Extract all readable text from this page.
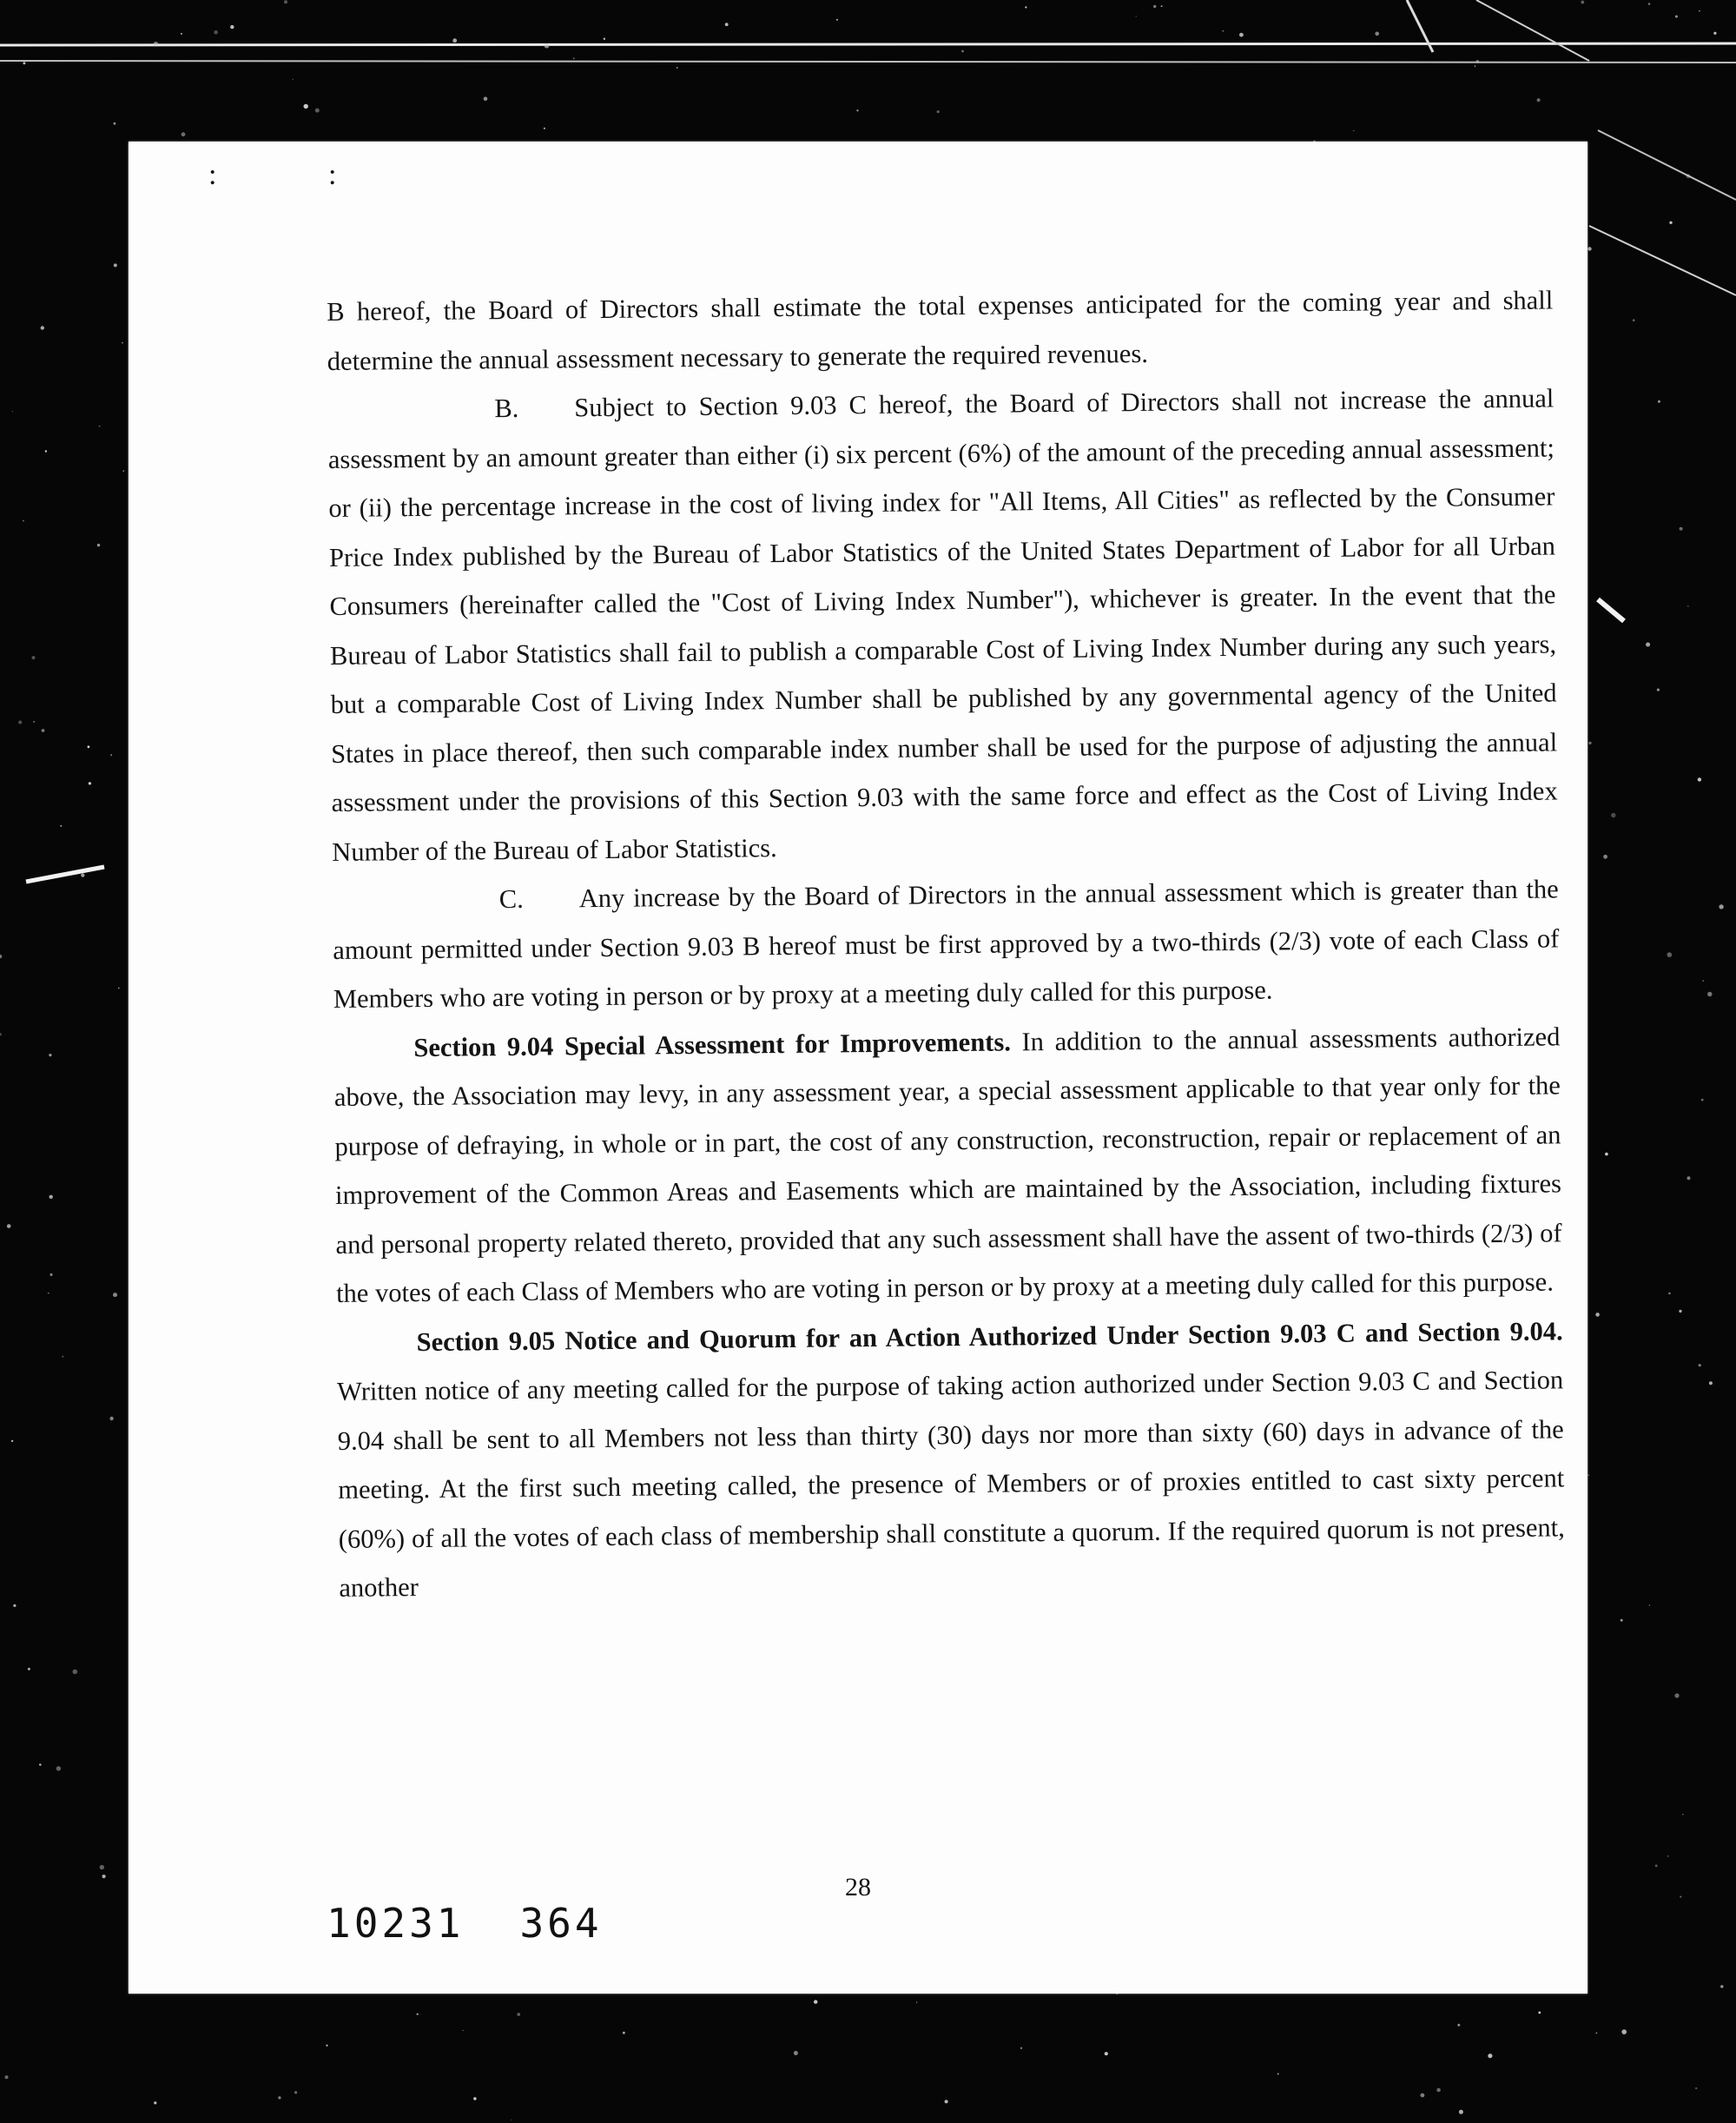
: :

B hereof, the Board of Directors shall estimate the total expenses anticipated for the coming year and shall determine the annual assessment necessary to generate the required revenues.

B. Subject to Section 9.03 C hereof, the Board of Directors shall not increase the annual assessment by an amount greater than either (i) six percent (6%) of the amount of the preceding annual assessment; or (ii) the percentage increase in the cost of living index for "All Items, All Cities" as reflected by the Consumer Price Index published by the Bureau of Labor Statistics of the United States Department of Labor for all Urban Consumers (hereinafter called the "Cost of Living Index Number"), whichever is greater. In the event that the Bureau of Labor Statistics shall fail to publish a comparable Cost of Living Index Number during any such years, but a comparable Cost of Living Index Number shall be published by any governmental agency of the United States in place thereof, then such comparable index number shall be used for the purpose of adjusting the annual assessment under the provisions of this Section 9.03 with the same force and effect as the Cost of Living Index Number of the Bureau of Labor Statistics.

C. Any increase by the Board of Directors in the annual assessment which is greater than the amount permitted under Section 9.03 B hereof must be first approved by a two-thirds (2/3) vote of each Class of Members who are voting in person or by proxy at a meeting duly called for this purpose.

Section 9.04 Special Assessment for Improvements. In addition to the annual assessments authorized above, the Association may levy, in any assessment year, a special assessment applicable to that year only for the purpose of defraying, in whole or in part, the cost of any construction, reconstruction, repair or replacement of an improvement of the Common Areas and Easements which are maintained by the Association, including fixtures and personal property related thereto, provided that any such assessment shall have the assent of two-thirds (2/3) of the votes of each Class of Members who are voting in person or by proxy at a meeting duly called for this purpose.

Section 9.05 Notice and Quorum for an Action Authorized Under Section 9.03 C and Section 9.04. Written notice of any meeting called for the purpose of taking action authorized under Section 9.03 C and Section 9.04 shall be sent to all Members not less than thirty (30) days nor more than sixty (60) days in advance of the meeting. At the first such meeting called, the presence of Members or of proxies entitled to cast sixty percent (60%) of all the votes of each class of membership shall constitute a quorum. If the required quorum is not present, another

28
10231 364
